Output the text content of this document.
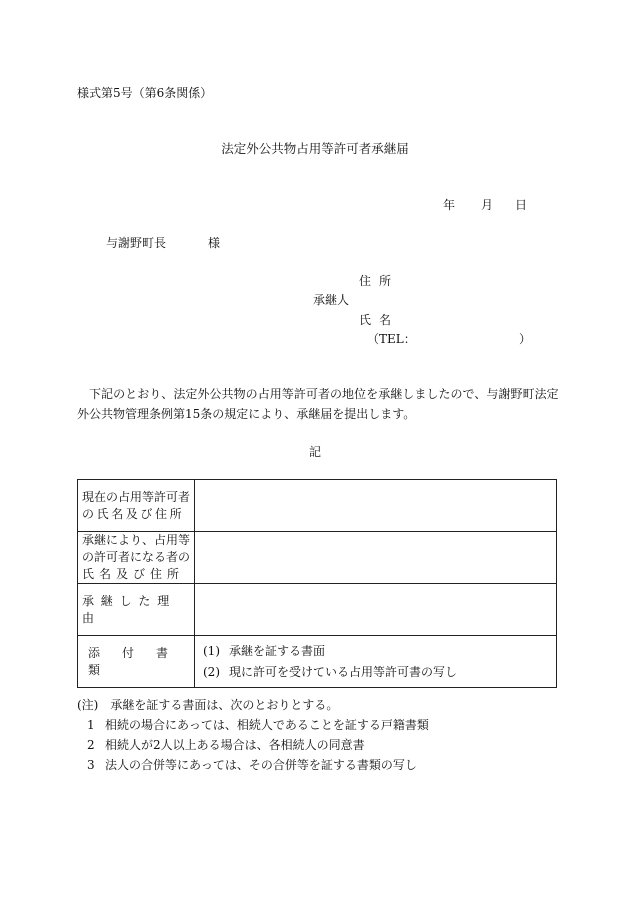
様式第5号（第6条関係）
法定外公共物占用等許可者承継届
年 月 日
与謝野町長	様
住所
承継人
氏名
（TEL：	）
下記のとおり、法定外公共物の占用等許可者の地位を承継しましたので、与謝野町法定
外公共物管理条例第15条の規定により、承継届を提出します。
記
現在の占用等許可者
の氏名及び住所	

承継により、占用等
の許可者になる者の
氏名及び住所	

承継した理由	
添付書類	(1) 承継を証する書面
(2) 現に許可を受けている占用等許可書の写し
(注)　承継を証する書面は、次のとおりとする。
1 相続の場合にあっては、相続人であることを証する戸籍書類
2 相続人が2人以上ある場合は、各相続人の同意書
3 法人の合併等にあっては、その合併等を証する書類の写し
